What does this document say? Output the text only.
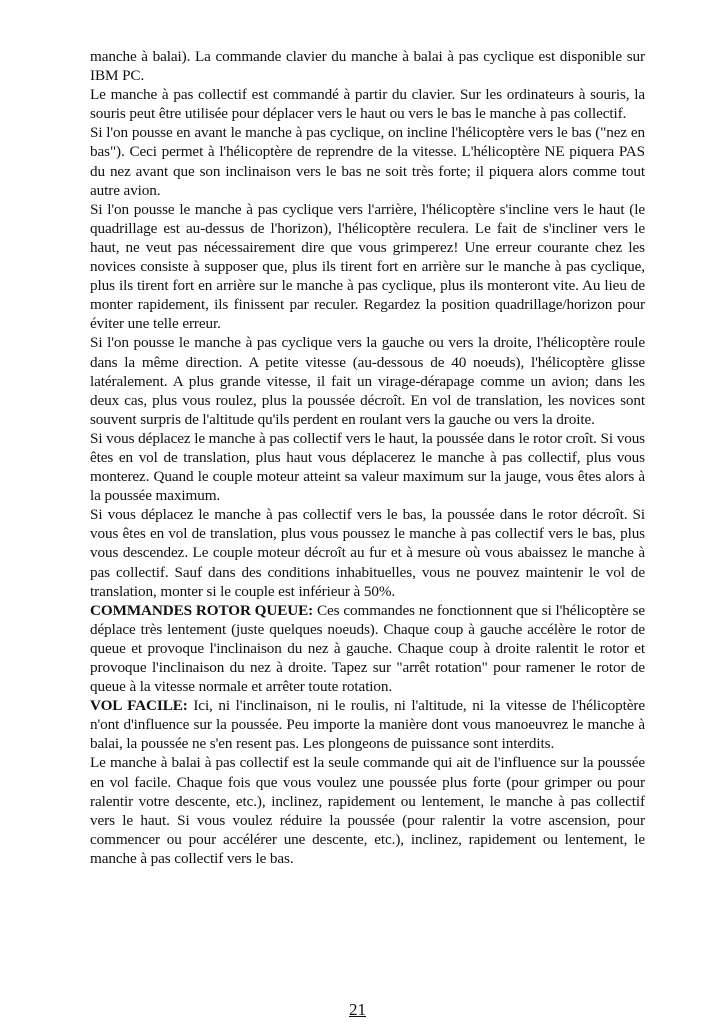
manche à balai). La commande clavier du manche à balai à pas cyclique est disponible sur IBM PC.

Le manche à pas collectif est commandé à partir du clavier. Sur les ordinateurs à souris, la souris peut être utilisée pour déplacer vers le haut ou vers le bas le manche à pas collectif.

Si l'on pousse en avant le manche à pas cyclique, on incline l'hélicoptère vers le bas ("nez en bas"). Ceci permet à l'hélicoptère de reprendre de la vitesse. L'hélicoptère NE piquera PAS du nez avant que son inclinaison vers le bas ne soit très forte; il piquera alors comme tout autre avion.

Si l'on pousse le manche à pas cyclique vers l'arrière, l'hélicoptère s'incline vers le haut (le quadrillage est au-dessus de l'horizon), l'hélicoptère reculera. Le fait de s'incliner vers le haut, ne veut pas nécessairement dire que vous grimperez! Une erreur courante chez les novices consiste à supposer que, plus ils tirent fort en arrière sur le manche à pas cyclique, plus ils tirent fort en arrière sur le manche à pas cyclique, plus ils monteront vite. Au lieu de monter rapidement, ils finissent par reculer. Regardez la position quadrillage/horizon pour éviter une telle erreur.

Si l'on pousse le manche à pas cyclique vers la gauche ou vers la droite, l'hélicoptère roule dans la même direction. A petite vitesse (au-dessous de 40 noeuds), l'hélicoptère glisse latéralement. A plus grande vitesse, il fait un virage-dérapage comme un avion; dans les deux cas, plus vous roulez, plus la poussée décroît. En vol de translation, les novices sont souvent surpris de l'altitude qu'ils perdent en roulant vers la gauche ou vers la droite.

Si vous déplacez le manche à pas collectif vers le haut, la poussée dans le rotor croît. Si vous êtes en vol de translation, plus haut vous déplacerez le manche à pas collectif, plus vous monterez. Quand le couple moteur atteint sa valeur maximum sur la jauge, vous êtes alors à la poussée maximum.

Si vous déplacez le manche à pas collectif vers le bas, la poussée dans le rotor décroît. Si vous êtes en vol de translation, plus vous poussez le manche à pas collectif vers le bas, plus vous descendez. Le couple moteur décroît au fur et à mesure où vous abaissez le manche à pas collectif. Sauf dans des conditions inhabituelles, vous ne pouvez maintenir le vol de translation, monter si le couple est inférieur à 50%.

COMMANDES ROTOR QUEUE: Ces commandes ne fonctionnent que si l'hélicoptère se déplace très lentement (juste quelques noeuds). Chaque coup à gauche accélère le rotor de queue et provoque l'inclinaison du nez à gauche. Chaque coup à droite ralentit le rotor et provoque l'inclinaison du nez à droite. Tapez sur "arrêt rotation" pour ramener le rotor de queue à la vitesse normale et arrêter toute rotation.

VOL FACILE: Ici, ni l'inclinaison, ni le roulis, ni l'altitude, ni la vitesse de l'hélicoptère n'ont d'influence sur la poussée. Peu importe la manière dont vous manoeuvrez le manche à balai, la poussée ne s'en resent pas. Les plongeons de puissance sont interdits.

Le manche à balai à pas collectif est la seule commande qui ait de l'influence sur la poussée en vol facile. Chaque fois que vous voulez une poussée plus forte (pour grimper ou pour ralentir votre descente, etc.), inclinez, rapidement ou lentement, le manche à pas collectif vers le haut. Si vous voulez réduire la poussée (pour ralentir la votre ascension, pour commencer ou pour accélérer une descente, etc.), inclinez, rapidement ou lentement, le manche à pas collectif vers le bas.

21
